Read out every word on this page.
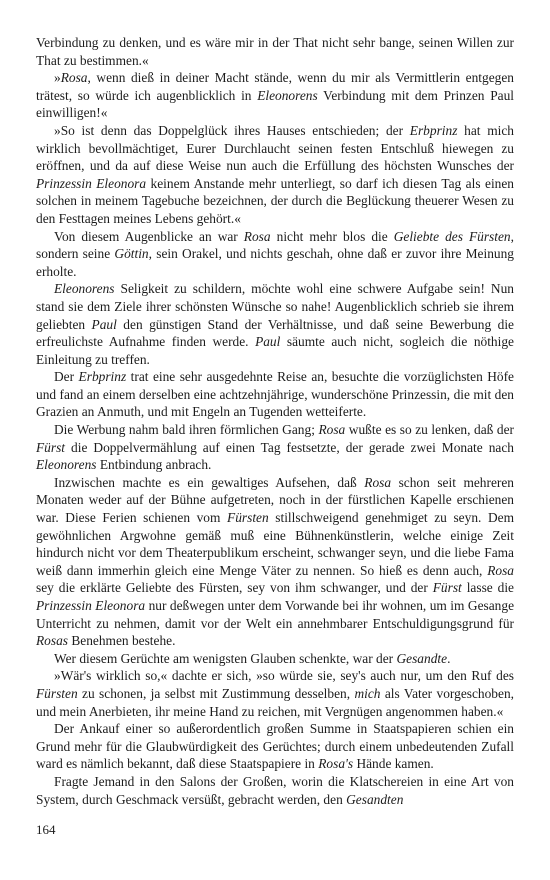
Verbindung zu denken, und es wäre mir in der That nicht sehr bange, seinen Willen zur That zu bestimmen.«

»Rosa, wenn dieß in deiner Macht stände, wenn du mir als Vermittlerin entgegen trätest, so würde ich augenblicklich in Eleonorens Verbindung mit dem Prinzen Paul einwilligen!«

»So ist denn das Doppelglück ihres Hauses entschieden; der Erbprinz hat mich wirklich bevollmächtiget, Eurer Durchlaucht seinen festen Entschluß hiewegen zu eröffnen, und da auf diese Weise nun auch die Erfüllung des höchsten Wunsches der Prinzessin Eleonora keinem Anstande mehr unterliegt, so darf ich diesen Tag als einen solchen in meinem Tagebuche bezeichnen, der durch die Beglückung theuerer Wesen zu den Festtagen meines Lebens gehört.«

Von diesem Augenblicke an war Rosa nicht mehr blos die Geliebte des Fürsten, sondern seine Göttin, sein Orakel, und nichts geschah, ohne daß er zuvor ihre Meinung erholte.

Eleonorens Seligkeit zu schildern, möchte wohl eine schwere Aufgabe sein! Nun stand sie dem Ziele ihrer schönsten Wünsche so nahe! Augenblicklich schrieb sie ihrem geliebten Paul den günstigen Stand der Verhältnisse, und daß seine Bewerbung die erfreulichste Aufnahme finden werde. Paul säumte auch nicht, sogleich die nöthige Einleitung zu treffen.

Der Erbprinz trat eine sehr ausgedehnte Reise an, besuchte die vorzüglichsten Höfe und fand an einem derselben eine achtzehnjährige, wunderschöne Prinzessin, die mit den Grazien an Anmuth, und mit Engeln an Tugenden wetteiferte.

Die Werbung nahm bald ihren förmlichen Gang; Rosa wußte es so zu lenken, daß der Fürst die Doppelvermählung auf einen Tag festsetzte, der gerade zwei Monate nach Eleonorens Entbindung anbrach.

Inzwischen machte es ein gewaltiges Aufsehen, daß Rosa schon seit mehreren Monaten weder auf der Bühne aufgetreten, noch in der fürstlichen Kapelle erschienen war. Diese Ferien schienen vom Fürsten stillschweigend genehmiget zu seyn. Dem gewöhnlichen Argwohne gemäß muß eine Bühnenkünstlerin, welche einige Zeit hindurch nicht vor dem Theaterpublikum erscheint, schwanger seyn, und die liebe Fama weiß dann immerhin gleich eine Menge Väter zu nennen. So hieß es denn auch, Rosa sey die erklärte Geliebte des Fürsten, sey von ihm schwanger, und der Fürst lasse die Prinzessin Eleonora nur deßwegen unter dem Vorwande bei ihr wohnen, um im Gesange Unterricht zu nehmen, damit vor der Welt ein annehmbarer Entschuldigungsgrund für Rosas Benehmen bestehe.

Wer diesem Gerüchte am wenigsten Glauben schenkte, war der Gesandte.

»Wär's wirklich so,« dachte er sich, »so würde sie, sey's auch nur, um den Ruf des Fürsten zu schonen, ja selbst mit Zustimmung desselben, mich als Vater vorgeschoben, und mein Anerbieten, ihr meine Hand zu reichen, mit Vergnügen angenommen haben.«

Der Ankauf einer so außerordentlich großen Summe in Staatspapieren schien ein Grund mehr für die Glaubwürdigkeit des Gerüchtes; durch einem unbedeutenden Zufall ward es nämlich bekannt, daß diese Staatspapiere in Rosa's Hände kamen.

Fragte Jemand in den Salons der Großen, worin die Klatschereien in eine Art von System, durch Geschmack versüßt, gebracht werden, den Gesandten

164
